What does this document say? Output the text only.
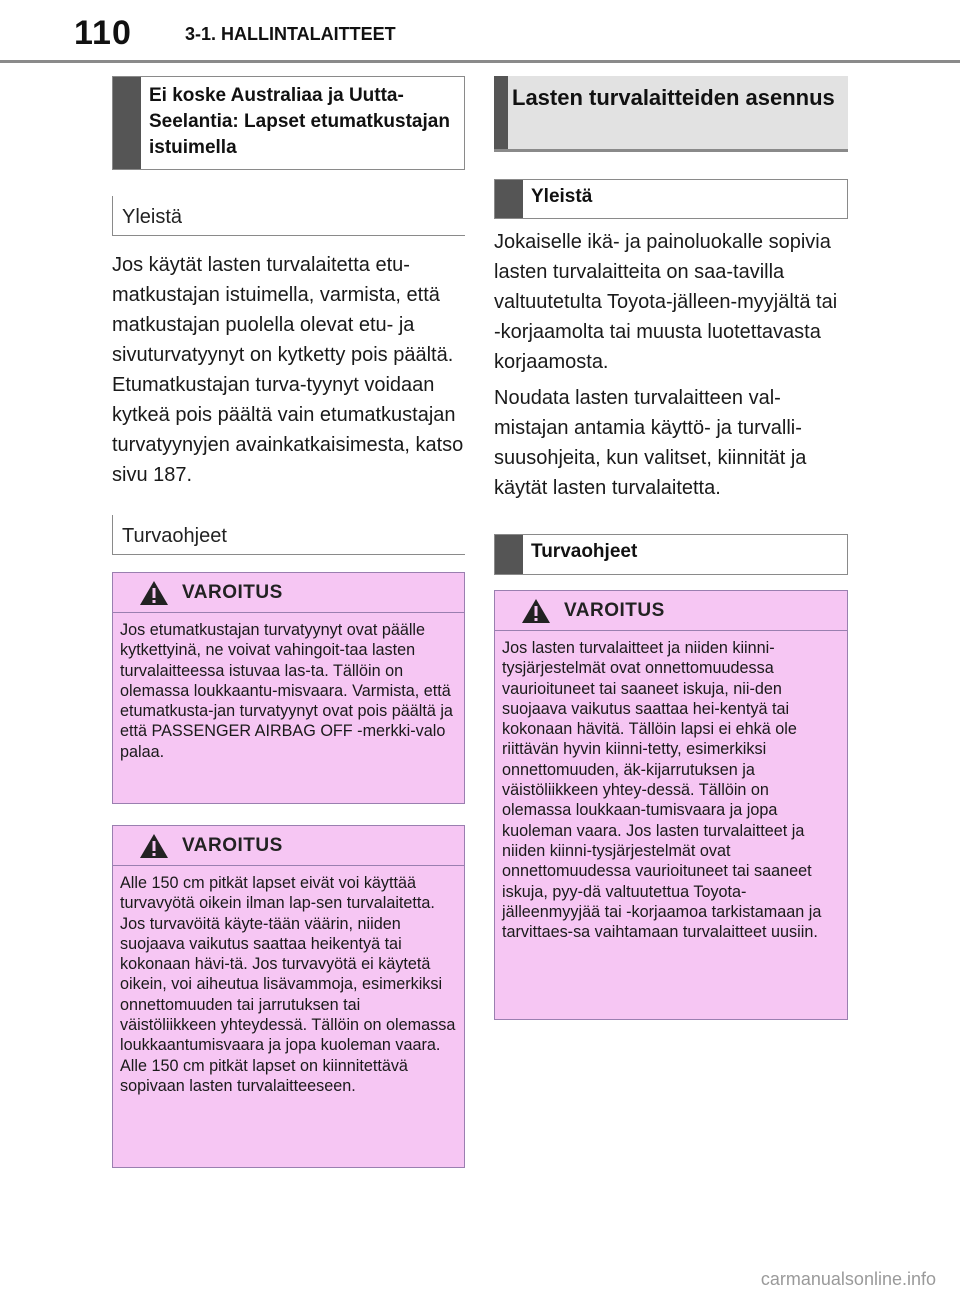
110	3-1. HALLINTALAITTEET
Ei koske Australiaa ja Uutta-Seelantia: Lapset etumatkustajan istuimella
Yleistä

Jos käytät lasten turvalaitetta etu-matkustajan istuimella, varmista, että matkustajan puolella olevat etu- ja sivuturvatyynyt on kytketty pois päältä. Etumatkustajan turva-tyynyt voidaan kytkeä pois päältä vain etumatkustajan turvatyynyjen avainkatkaisimesta, katso sivu 187.

Turvaohjeet
VAROITUS
Jos etumatkustajan turvatyynyt ovat päälle kytkettyinä, ne voivat vahingoit-taa lasten turvalaitteessa istuvaa las-ta. Tällöin on olemassa loukkaantu-misvaara. Varmista, että etumatkusta-jan turvatyynyt ovat pois päältä ja että PASSENGER AIRBAG OFF -merkki-valo palaa.
VAROITUS
Alle 150 cm pitkät lapset eivät voi käyttää turvavyötä oikein ilman lap-sen turvalaitetta. Jos turvavöitä käyte-tään väärin, niiden suojaava vaikutus saattaa heikentyä tai kokonaan hävi-tä. Jos turvavyötä ei käytetä oikein, voi aiheutua lisävammoja, esimerkiksi onnettomuuden tai jarrutuksen tai väistöliikkeen yhteydessä. Tällöin on olemassa loukkaantumisvaara ja jopa kuoleman vaara. Alle 150 cm pitkät lapset on kiinnitettävä sopivaan lasten turvalaitteeseen.
Lasten turvalaitteiden asennus
Yleistä

Jokaiselle ikä- ja painoluokalle sopivia lasten turvalaitteita on saa-tavilla valtuutetulta Toyota-jälleen-myyjältä tai -korjaamolta tai muusta luotettavasta korjaamosta.

Noudata lasten turvalaitteen val-mistajan antamia käyttö- ja turvalli-suusohjeita, kun valitset, kiinnität ja käytät lasten turvalaitetta.

Turvaohjeet
VAROITUS
Jos lasten turvalaitteet ja niiden kiinni-tysjärjestelmät ovat onnettomuudessa vaurioituneet tai saaneet iskuja, nii-den suojaava vaikutus saattaa hei-kentyä tai kokonaan hävitä. Tällöin lapsi ei ehkä ole riittävän hyvin kiinni-tetty, esimerkiksi onnettomuuden, äk-kijarrutuksen ja väistöliikkeen yhtey-dessä. Tällöin on olemassa loukkaan-tumisvaara ja jopa kuoleman vaara. Jos lasten turvalaitteet ja niiden kiinni-tysjärjestelmät ovat onnettomuudessa vaurioituneet tai saaneet iskuja, pyy-dä valtuutettua Toyota-jälleenmyyjää tai -korjaamoa tarkistamaan ja tarvittaes-sa vaihtamaan turvalaitteet uusiin.
carmanualsonline.info
